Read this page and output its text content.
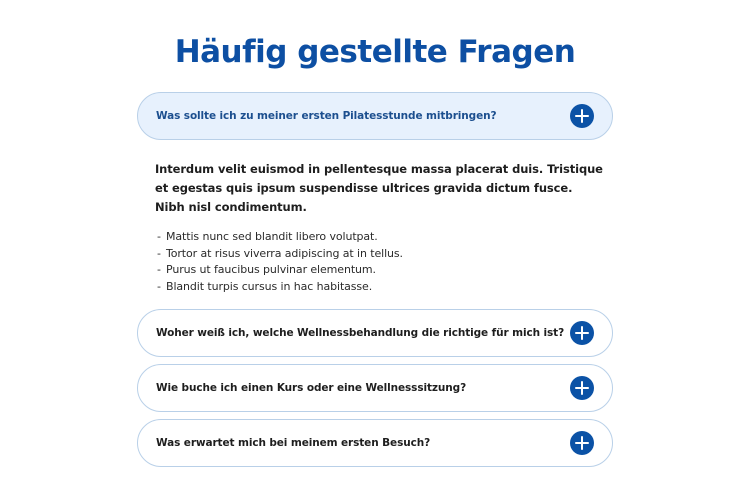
Häufig gestellte Fragen
Was sollte ich zu meiner ersten Pilatesstunde mitbringen?

Interdum velit euismod in pellentesque massa placerat duis. Tristique et egestas quis ipsum suspendisse ultrices gravida dictum fusce. Nibh nisl condimentum.

- Mattis nunc sed blandit libero volutpat.
- Tortor at risus viverra adipiscing at in tellus.
- Purus ut faucibus pulvinar elementum.
- Blandit turpis cursus in hac habitasse.
Woher weiß ich, welche Wellnessbehandlung die richtige für mich ist?
Wie buche ich einen Kurs oder eine Wellnesssitzung?
Was erwartet mich bei meinem ersten Besuch?
